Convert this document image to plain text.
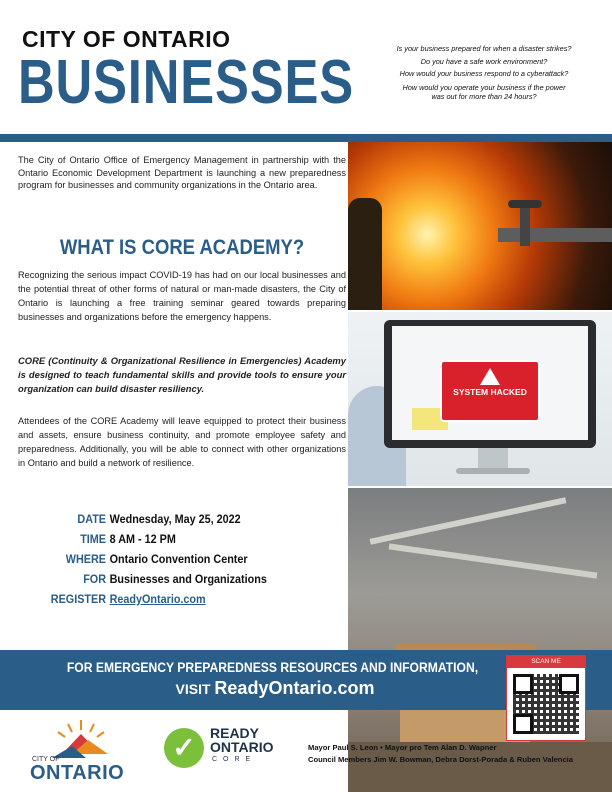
CITY OF ONTARIO
BUSINESSES	Is your business prepared for when a disaster strikes?
Do you have a safe work environment?
How would your business respond to a cyberattack?
How would you operate your business if the power
was out for more than 24 hours?
The City of Ontario Office of Emergency Management in partnership with the Ontario Economic Development Department is launching a new preparedness program for businesses and community organizations in the Ontario area.
WHAT IS CORE ACADEMY?
Recognizing the serious impact COVID-19 has had on our local businesses and the potential threat of other forms of natural or man-made disasters, the City of Ontario is launching a free training seminar geared towards preparing businesses and organizations before the emergency happens.
CORE (Continuity & Organizational Resilience in Emergencies) Academy is designed to teach fundamental skills and provide tools to ensure your organization can build disaster resiliency.
Attendees of the CORE Academy will leave equipped to protect their business and assets, ensure business continuity, and promote employee safety and preparedness. Additionally, you will be able to connect with other organizations in Ontario and build a network of resilience.
DATE Wednesday, May 25, 2022
TIME 8 AM - 12 PM
WHERE Ontario Convention Center
FOR Businesses and Organizations
REGISTER ReadyOntario.com
SYSTEM HACKED
FOR EMERGENCY PREPAREDNESS RESOURCES AND INFORMATION,
VISIT ReadyOntario.com
SCAN ME
CITY OF
ONTARIO
✓	READY
ONTARIO
CORE
Mayor Paul S. Leon • Mayor pro Tem Alan D. Wapner
Council Members Jim W. Bowman, Debra Dorst-Porada & Ruben Valencia
